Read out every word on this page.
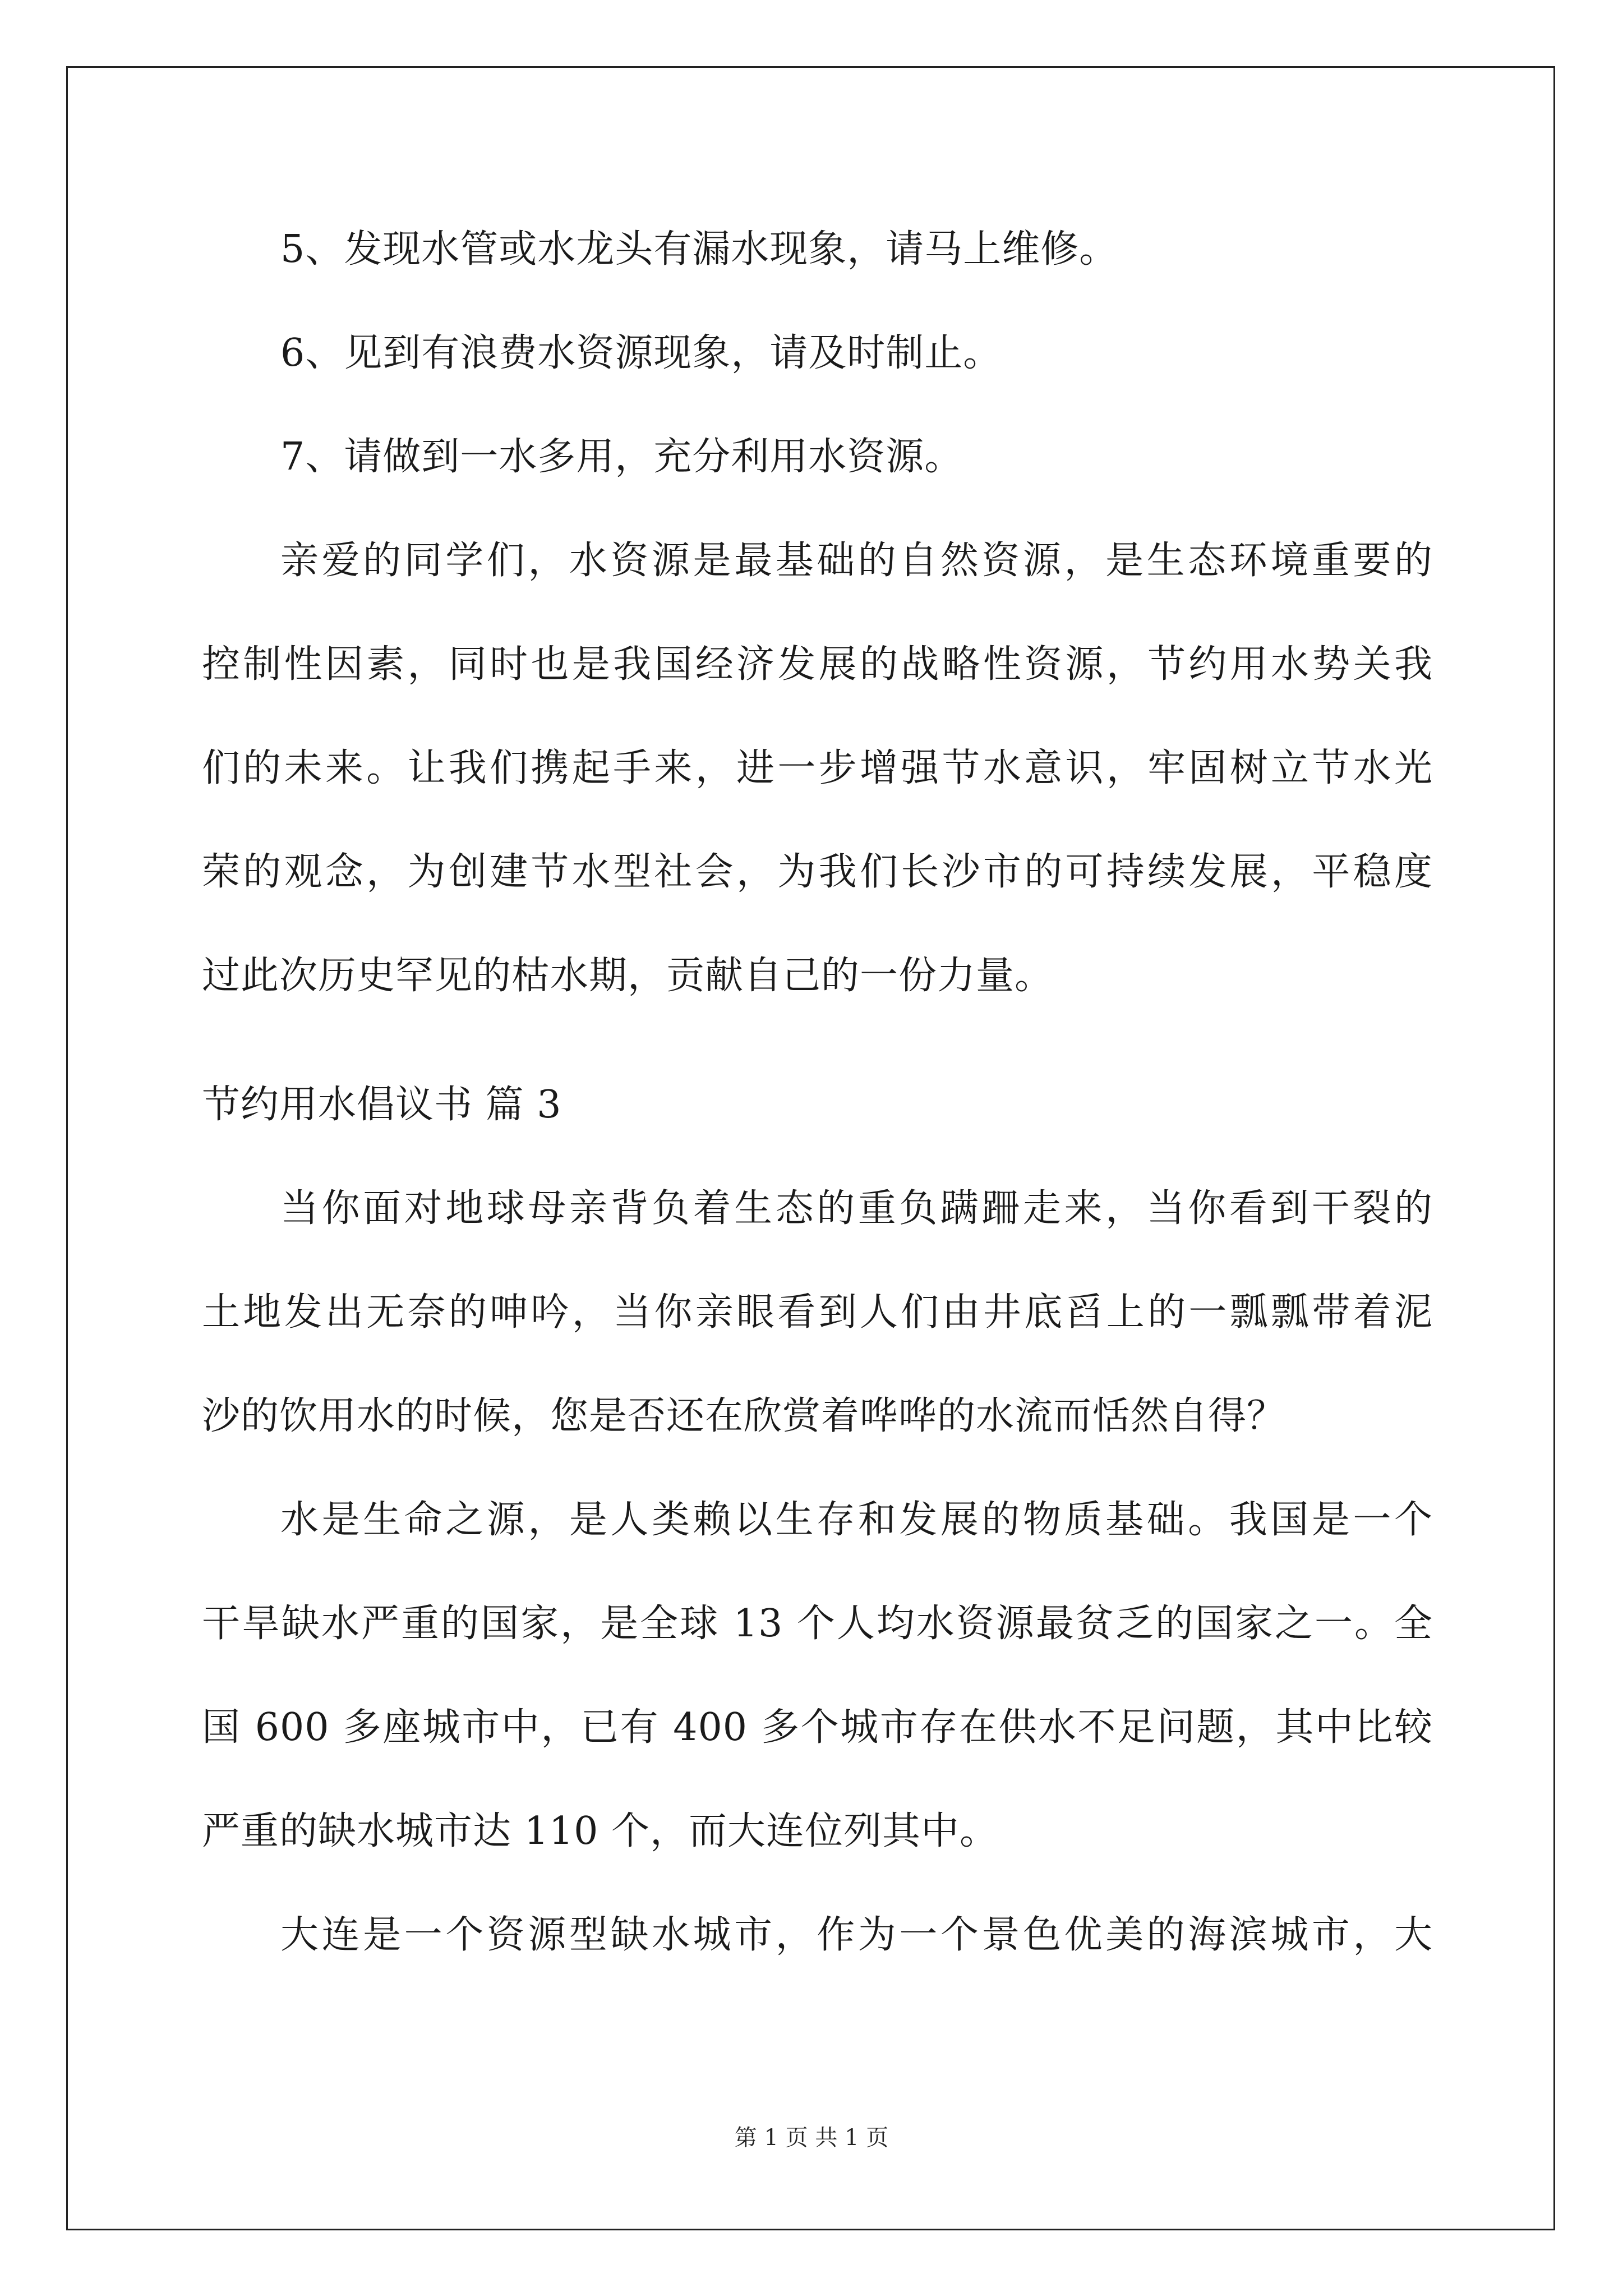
5、发现水管或水龙头有漏水现象，请马上维修。
6、见到有浪费水资源现象，请及时制止。
7、请做到一水多用，充分利用水资源。
亲爱的同学们，水资源是最基础的自然资源，是生态环境重要的
控制性因素，同时也是我国经济发展的战略性资源，节约用水势关我
们的未来。让我们携起手来，进一步增强节水意识，牢固树立节水光
荣的观念，为创建节水型社会，为我们长沙市的可持续发展，平稳度
过此次历史罕见的枯水期，贡献自己的一份力量。
节约用水倡议书 篇 3
当你面对地球母亲背负着生态的重负蹒跚走来，当你看到干裂的
土地发出无奈的呻吟，当你亲眼看到人们由井底舀上的一瓢瓢带着泥
沙的饮用水的时候，您是否还在欣赏着哗哗的水流而恬然自得？
水是生命之源，是人类赖以生存和发展的物质基础。我国是一个
干旱缺水严重的国家，是全球 13 个人均水资源最贫乏的国家之一。全
国 600 多座城市中，已有 400 多个城市存在供水不足问题，其中比较
严重的缺水城市达 110 个，而大连位列其中。
大连是一个资源型缺水城市，作为一个景色优美的海滨城市，大
第 1 页 共 1 页
